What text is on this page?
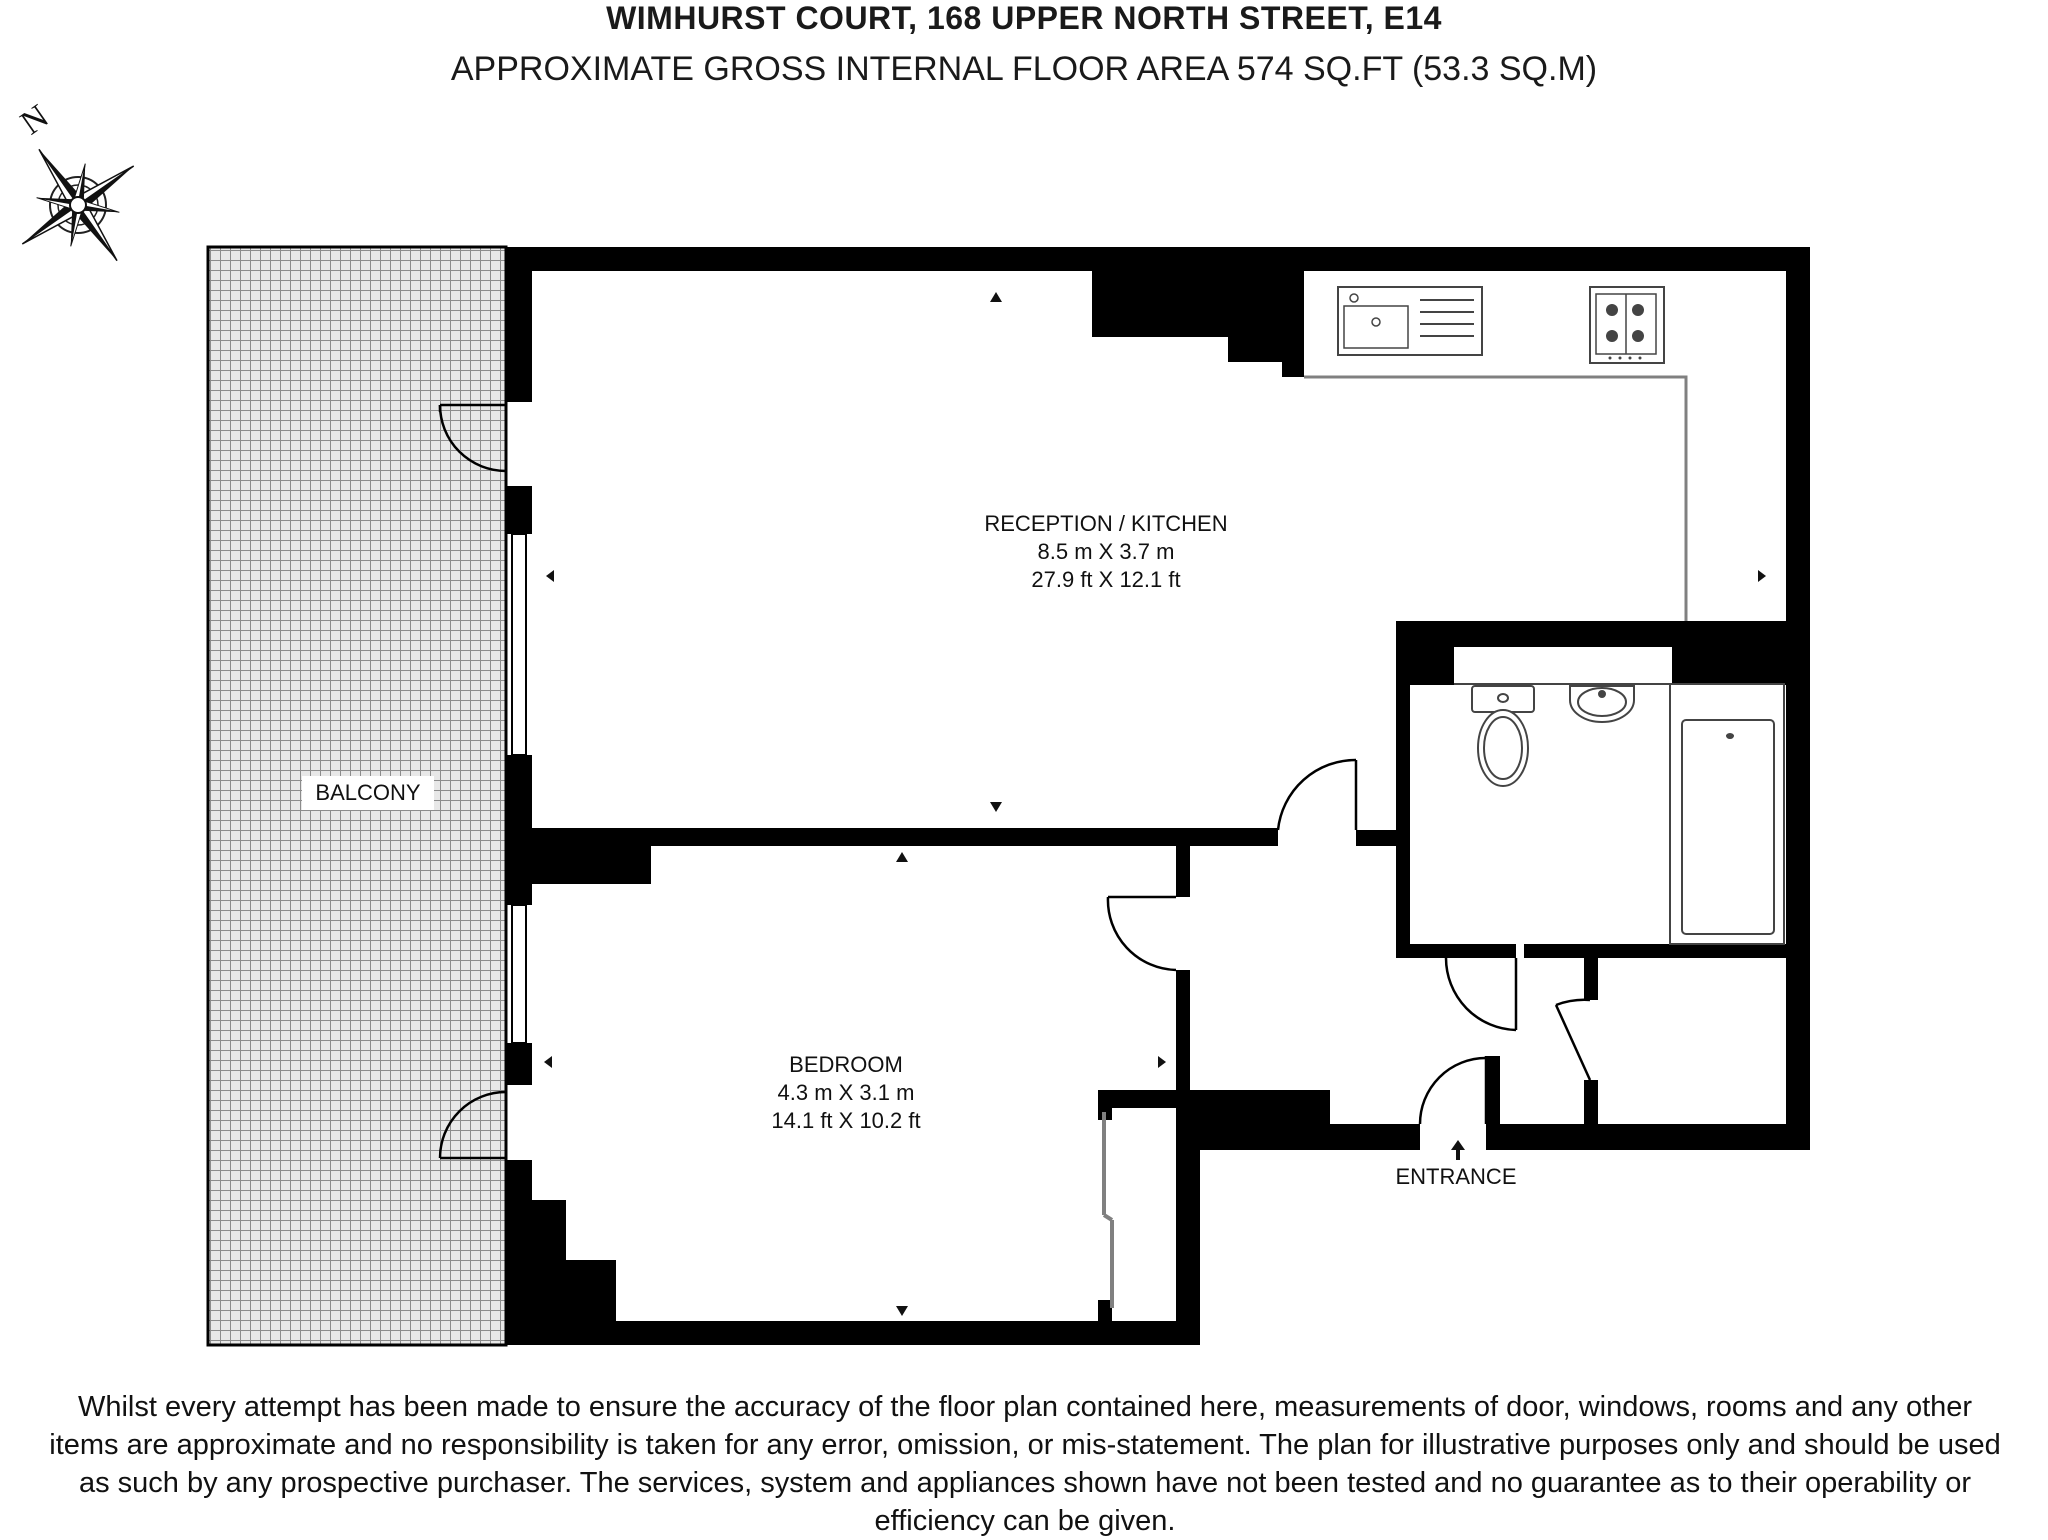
WIMHURST COURT, 168 UPPER NORTH STREET, E14
APPROXIMATE GROSS INTERNAL FLOOR AREA 574 SQ.FT (53.3 SQ.M)
N
BALCONY
RECEPTION / KITCHEN
8.5 m X 3.7 m
27.9 ft X 12.1 ft
BEDROOM
4.3 m X 3.1 m
14.1 ft X 10.2 ft
ENTRANCE
Whilst every attempt has been made to ensure the accuracy of the floor plan contained here, measurements of door, windows, rooms and any other items are approximate and no responsibility is taken for any error, omission, or mis-statement. The plan for illustrative purposes only and should be used as such by any prospective purchaser. The services, system and appliances shown have not been tested and no guarantee as to their operability or efficiency can be given.
